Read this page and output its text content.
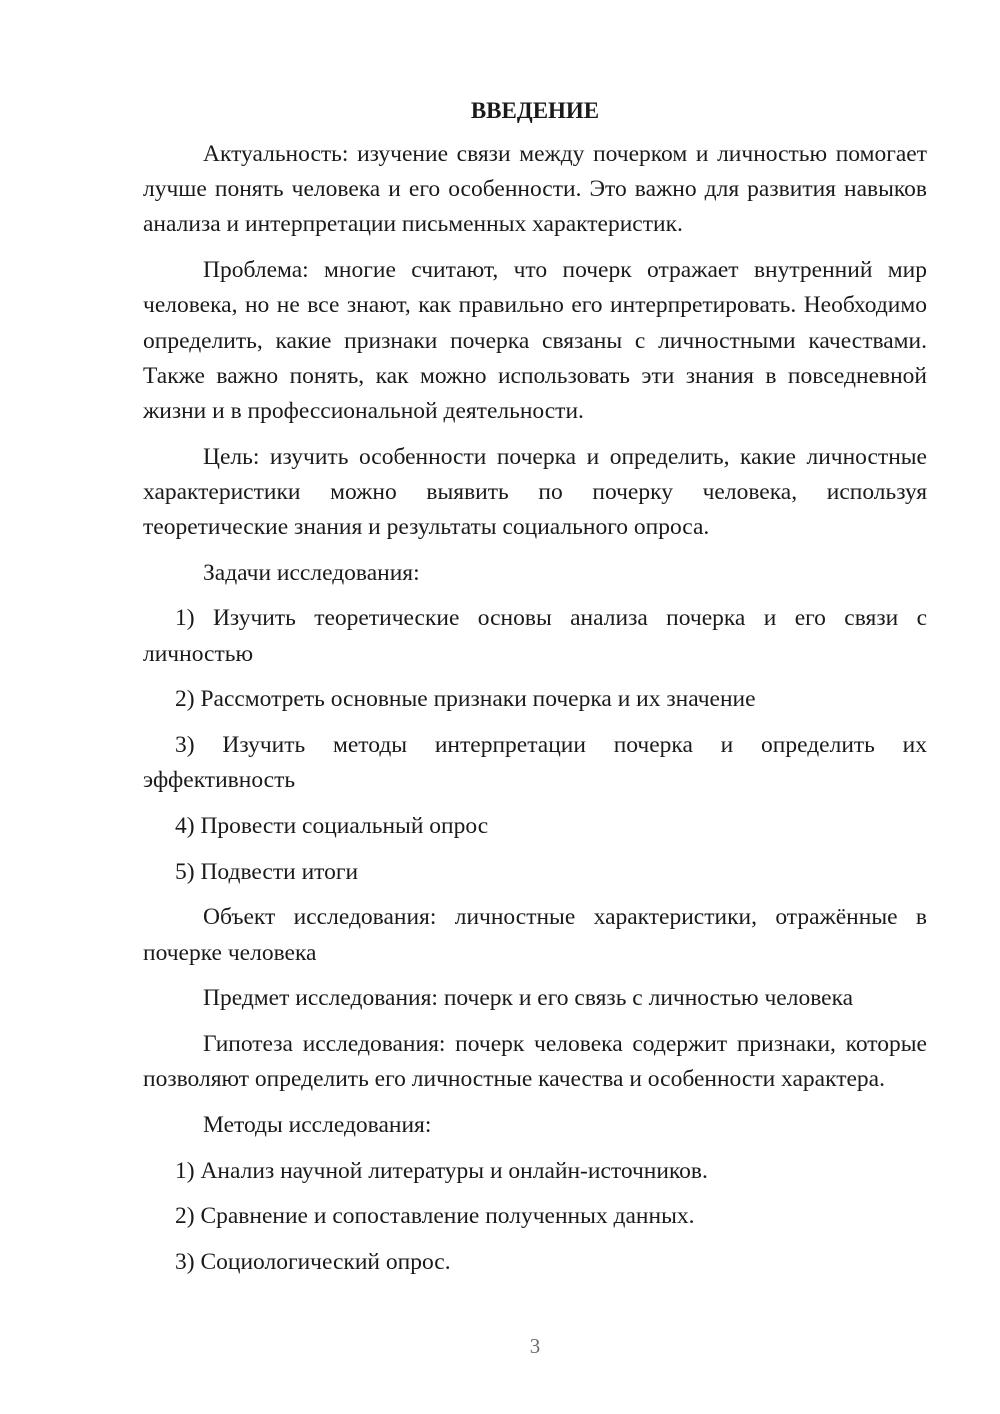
ВВЕДЕНИЕ

Актуальность: изучение связи между почерком и личностью помогает лучше понять человека и его особенности. Это важно для развития навыков анализа и интерпретации письменных характеристик.

Проблема: многие считают, что почерк отражает внутренний мир человека, но не все знают, как правильно его интерпретировать. Необходимо определить, какие признаки почерка связаны с личностными качествами. Также важно понять, как можно использовать эти знания в повседневной жизни и в профессиональной деятельности.

Цель: изучить особенности почерка и определить, какие личностные характеристики можно выявить по почерку человека, используя теоретические знания и результаты социального опроса.

Задачи исследования:

1) Изучить теоретические основы анализа почерка и его связи с личностью

2) Рассмотреть основные признаки почерка и их значение

3) Изучить методы интерпретации почерка и определить их эффективность

4) Провести социальный опрос

5) Подвести итоги

Объект исследования: личностные характеристики, отражённые в почерке человека

Предмет исследования: почерк и его связь с личностью человека

Гипотеза исследования: почерк человека содержит признаки, которые позволяют определить его личностные качества и особенности характера.

Методы исследования:

1) Анализ научной литературы и онлайн-источников.

2) Сравнение и сопоставление полученных данных.

3) Социологический опрос.

3
